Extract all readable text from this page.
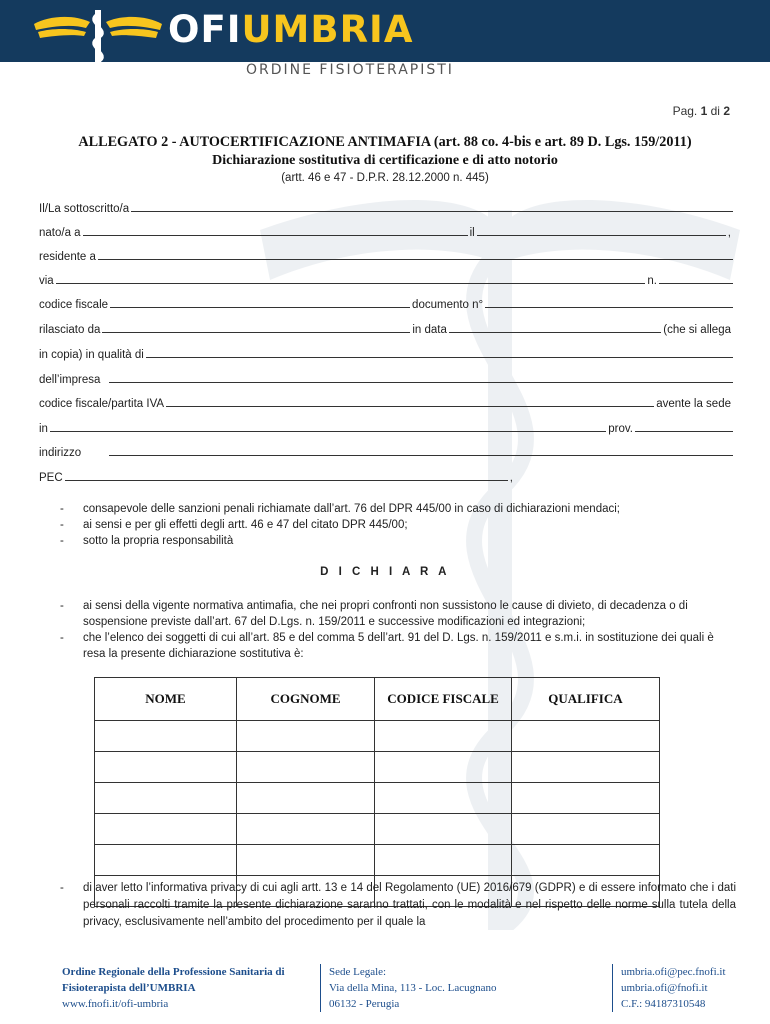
OFIUMBRIA
ORDINE FISIOTERAPISTI
Pag. 1 di 2
ALLEGATO 2 - AUTOCERTIFICAZIONE ANTIMAFIA (art. 88 co. 4-bis e art. 89 D. Lgs. 159/2011)
Dichiarazione sostitutiva di certificazione e di atto notorio
(artt. 46 e 47 - D.P.R. 28.12.2000 n. 445)
Il/La sottoscritto/a
nato/a a	il	,
residente a
via	n.
codice fiscale	documento n°
rilasciato da	in data	(che si allega
in copia) in qualità di
dell’impresa
codice fiscale/partita IVA	avente la sede
in	prov.
indirizzo
PEC	,
- consapevole delle sanzioni penali richiamate dall’art. 76 del DPR 445/00 in caso di dichiarazioni mendaci;
- ai sensi e per gli effetti degli artt. 46 e 47 del citato DPR 445/00;
- sotto la propria responsabilità
D I C H I A R A
- ai sensi della vigente normativa antimafia, che nei propri confronti non sussistono le cause di divieto, di decadenza o di sospensione previste dall’art. 67 del D.Lgs. n. 159/2011 e successive modificazioni ed integrazioni;
- che l’elenco dei soggetti di cui all’art. 85 e del comma 5 dell’art. 91 del D. Lgs. n. 159/2011 e s.m.i. in sostituzione dei quali è resa la presente dichiarazione sostitutiva è:
NOME	COGNOME	CODICE FISCALE	QUALIFICA

- di aver letto l’informativa privacy di cui agli artt. 13 e 14 del Regolamento (UE) 2016/679 (GDPR) e di essere informato che i dati personali raccolti tramite la presente dichiarazione saranno trattati, con le modalità e nel rispetto delle norme sulla tutela della privacy, esclusivamente nell’ambito del procedimento per il quale la
Ordine Regionale della Professione Sanitaria di
Fisioterapista dell’UMBRIA
www.fnofi.it/ofi-umbria
Sede Legale:
Via della Mina, 113 - Loc. Lacugnano
06132 - Perugia
umbria.ofi@pec.fnofi.it
umbria.ofi@fnofi.it
C.F.: 94187310548
